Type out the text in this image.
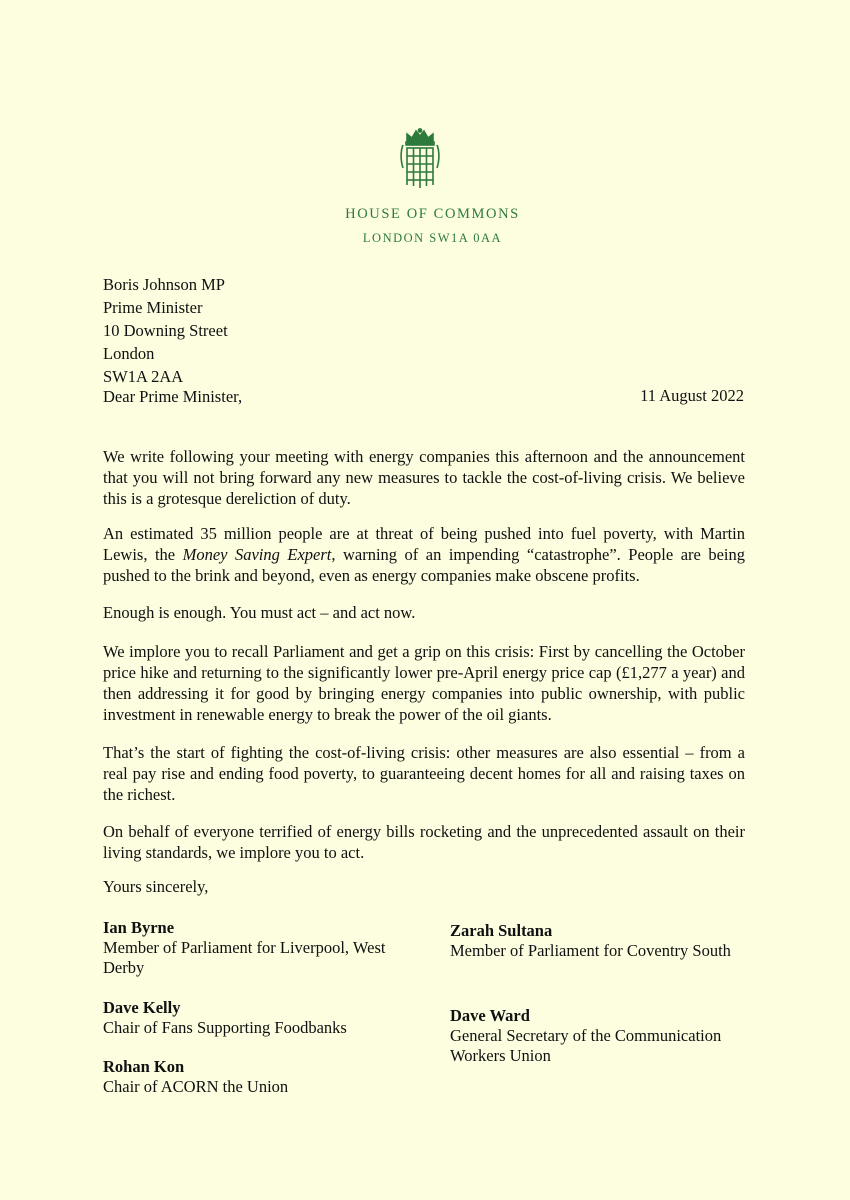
HOUSE OF COMMONS
LONDON SW1A 0AA
Boris Johnson MP
Prime Minister
10 Downing Street
London
SW1A 2AA
11 August 2022

Dear Prime Minister,

We write following your meeting with energy companies this afternoon and the announcement that you will not bring forward any new measures to tackle the cost-of-living crisis. We believe this is a grotesque dereliction of duty.

An estimated 35 million people are at threat of being pushed into fuel poverty, with Martin Lewis, the Money Saving Expert, warning of an impending “catastrophe”. People are being pushed to the brink and beyond, even as energy companies make obscene profits.

Enough is enough. You must act – and act now.

We implore you to recall Parliament and get a grip on this crisis: First by cancelling the October price hike and returning to the significantly lower pre-April energy price cap (£1,277 a year) and then addressing it for good by bringing energy companies into public ownership, with public investment in renewable energy to break the power of the oil giants.

That’s the start of fighting the cost-of-living crisis: other measures are also essential – from a real pay rise and ending food poverty, to guaranteeing decent homes for all and raising taxes on the richest.

On behalf of everyone terrified of energy bills rocketing and the unprecedented assault on their living standards, we implore you to act.

Yours sincerely,
Ian Byrne
Member of Parliament for Liverpool, West Derby
Zarah Sultana
Member of Parliament for Coventry South
Dave Kelly
Chair of Fans Supporting Foodbanks
Dave Ward
General Secretary of the Communication Workers Union
Rohan Kon
Chair of ACORN the Union
